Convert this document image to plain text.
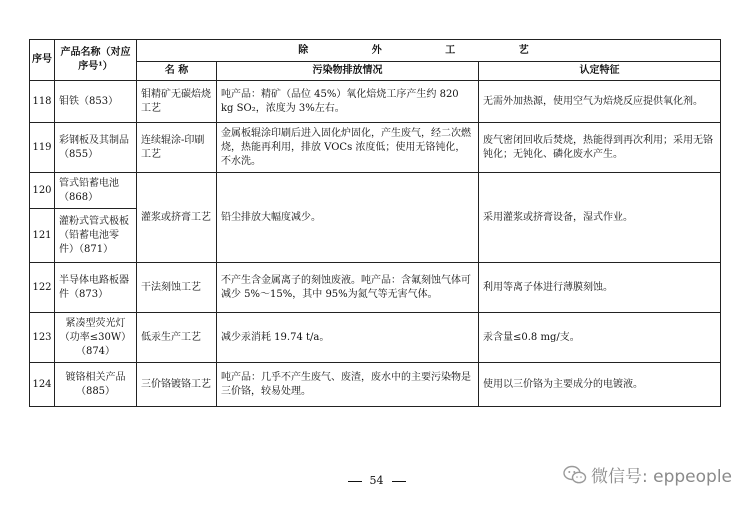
序号	产品名称（对应序号¹）	除 外 工 艺		
		名 称	污染物排放情况	认定特征
118	钼铁（853）	钼精矿无碳焙烧工艺	吨产品：精矿（品位 45%）氧化焙烧工序产生约 820 kg SO₂，浓度为 3%左右。	无需外加热源，使用空气为焙烧反应提供氧化剂。
119	彩钢板及其制品（855）	连续辊涂-印刷工艺	金属板辊涂印刷后进入固化炉固化，产生废气，经二次燃烧，热能再利用，排放 VOCs 浓度低；使用无铬钝化，不水洗。	废气密闭回收后焚烧，热能得到再次利用；采用无铬钝化；无钝化、磷化废水产生。
120	管式铅蓄电池（868）	灌浆或挤膏工艺	铅尘排放大幅度减少。	采用灌浆或挤膏设备，湿式作业。
121	灌粉式管式极板（铅蓄电池零件）（871）			
122	半导体电路板器件（873）	干法刻蚀工艺	不产生含金属离子的刻蚀废液。吨产品：含氟刻蚀气体可减少 5%～15%，其中 95%为氮气等无害气体。	利用等离子体进行薄膜刻蚀。
123	紧凑型荧光灯（功率≤30W）（874）	低汞生产工艺	减少汞消耗 19.74 t/a。	汞含量≤0.8 mg/支。
124	镀铬相关产品（885）	三价铬镀铬工艺	吨产品：几乎不产生废气、废渣，废水中的主要污染物是三价铬，较易处理。	使用以三价铬为主要成分的电镀液。
54	微信号: eppeople
